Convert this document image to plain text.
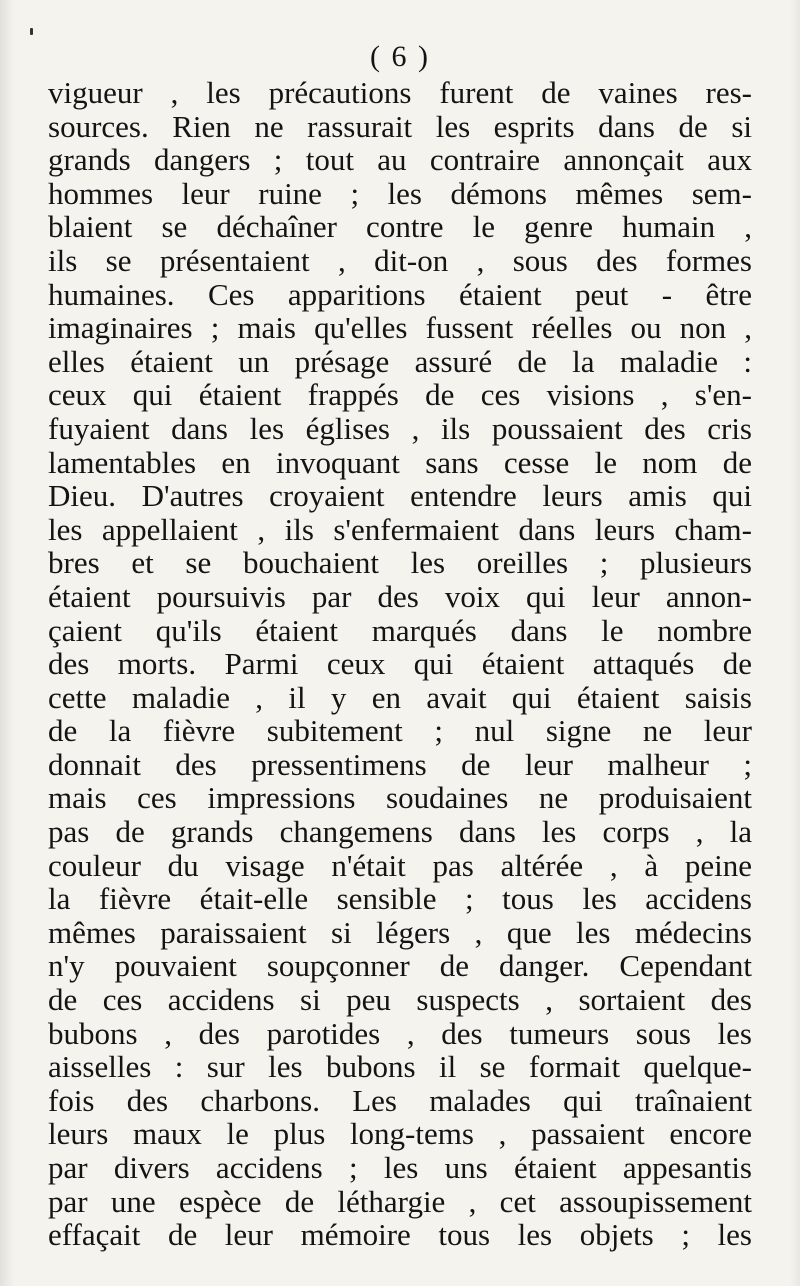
( 6 )
vigueur , les précautions furent de vaines res-
sources. Rien ne rassurait les esprits dans de si
grands dangers ; tout au contraire annonçait aux
hommes leur ruine ; les démons mêmes sem-
blaient se déchaîner contre le genre humain ,
ils se présentaient , dit-on , sous des formes
humaines. Ces apparitions étaient peut - être
imaginaires ; mais qu'elles fussent réelles ou non ,
elles étaient un présage assuré de la maladie :
ceux qui étaient frappés de ces visions , s'en-
fuyaient dans les églises , ils poussaient des cris
lamentables en invoquant sans cesse le nom de
Dieu. D'autres croyaient entendre leurs amis qui
les appellaient , ils s'enfermaient dans leurs cham-
bres et se bouchaient les oreilles ; plusieurs
étaient poursuivis par des voix qui leur annon-
çaient qu'ils étaient marqués dans le nombre
des morts. Parmi ceux qui étaient attaqués de
cette maladie , il y en avait qui étaient saisis
de la fièvre subitement ; nul signe ne leur
donnait des pressentimens de leur malheur ;
mais ces impressions soudaines ne produisaient
pas de grands changemens dans les corps , la
couleur du visage n'était pas altérée , à peine
la fièvre était-elle sensible ; tous les accidens
mêmes paraissaient si légers , que les médecins
n'y pouvaient soupçonner de danger. Cependant
de ces accidens si peu suspects , sortaient des
bubons , des parotides , des tumeurs sous les
aisselles : sur les bubons il se formait quelque-
fois des charbons. Les malades qui traînaient
leurs maux le plus long-tems , passaient encore
par divers accidens ; les uns étaient appesantis
par une espèce de léthargie , cet assoupissement
effaçait de leur mémoire tous les objets ; les
